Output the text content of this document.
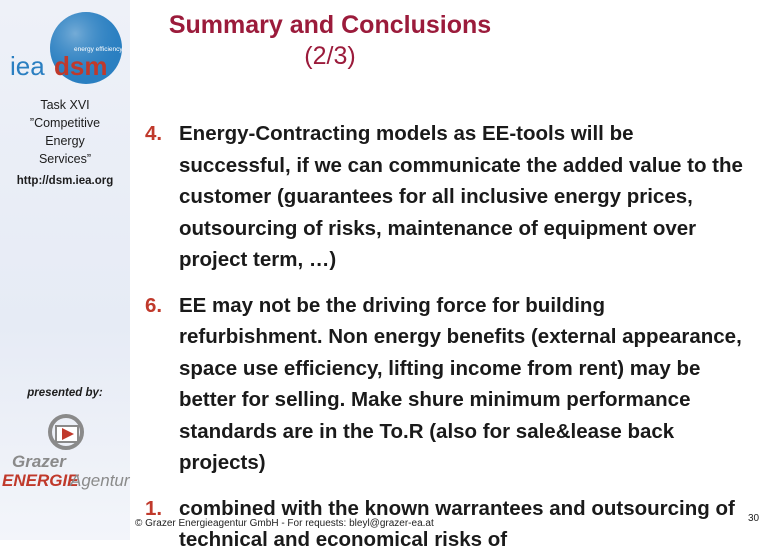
energy efficiency
iea dsm
Task XVI
”Competitive
Energy
Services”
http://dsm.iea.org
presented by:
Grazer
ENERGIE
Agentur
Summary and Conclusions
(2/3)
4. Energy-Contracting models as EE-tools will be successful, if we can communicate the added value to the customer (guarantees for all inclusive energy prices, outsourcing of risks, maintenance of equipment over project term, …)
6. EE may not be the driving force for building refurbishment. Non energy benefits (external appearance, space use efficiency, lifting income from rent) may be better for selling. Make shure minimum performance standards are in the To.R (also for sale&lease back projects)
1. combined with the known warrantees and outsourcing of technical and economical risks of
© Grazer Energieagentur GmbH - For requests: bleyl@grazer-ea.at	30
